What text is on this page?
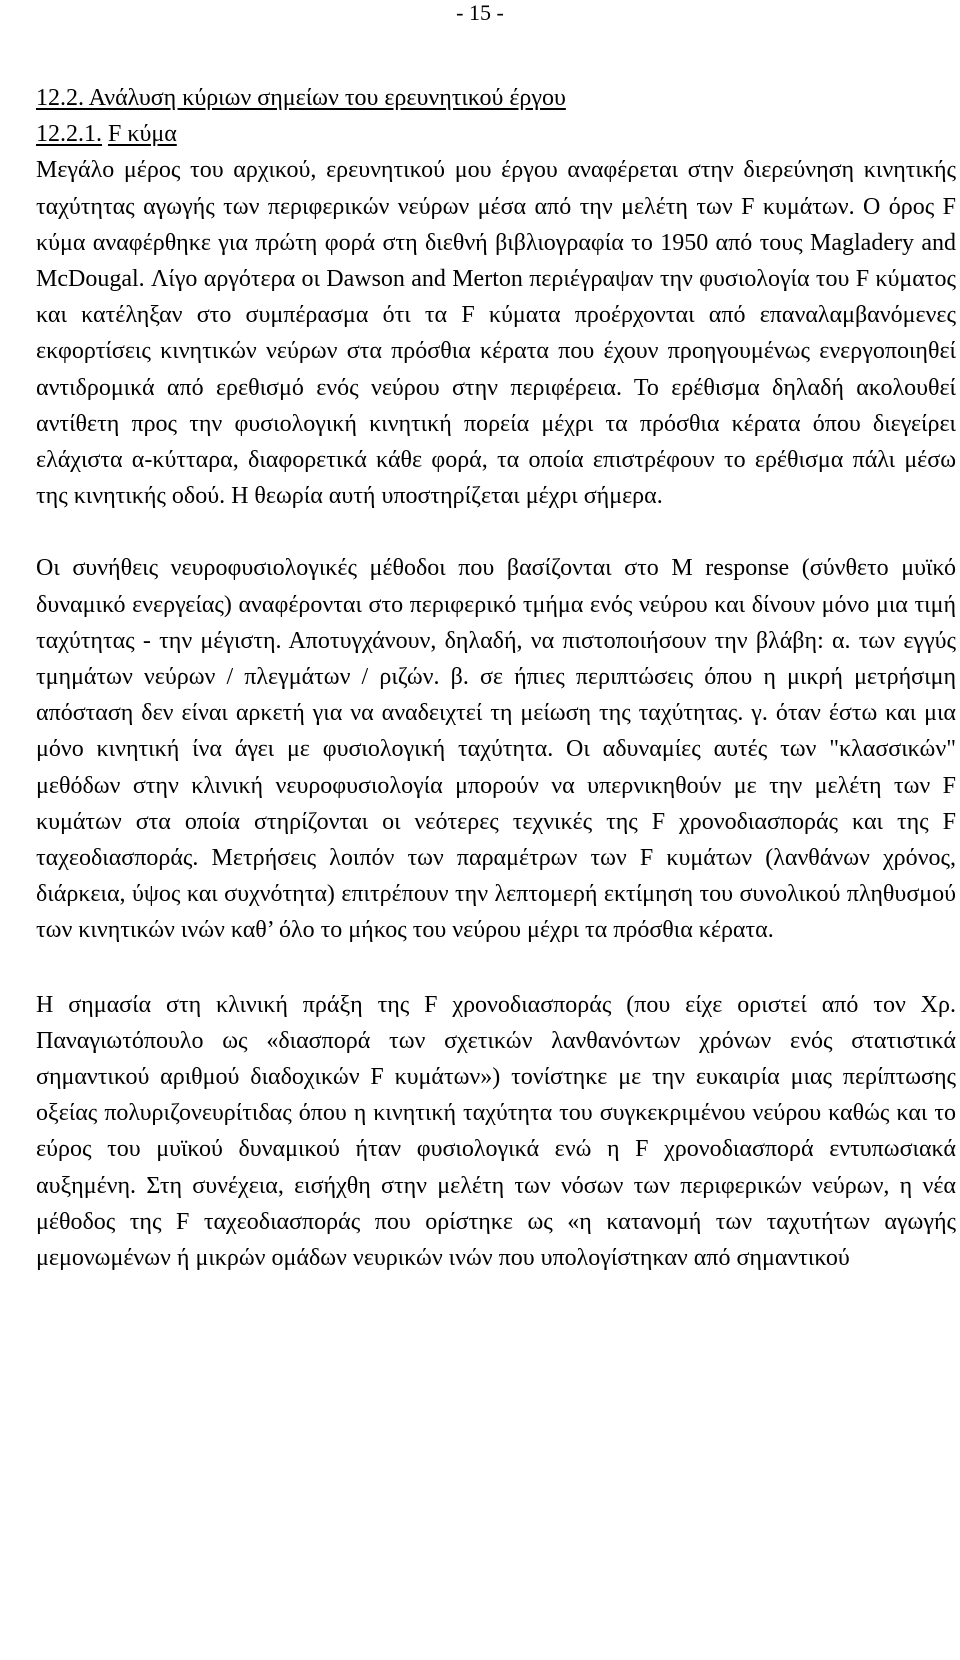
- 15 -

12.2. Ανάλυση κύριων σημείων του ερευνητικού έργου

12.2.1. F κύμα

Μεγάλο μέρος του αρχικού, ερευνητικού μου έργου αναφέρεται στην διερεύνηση κινητικής ταχύτητας αγωγής των περιφερικών νεύρων μέσα από την μελέτη των F κυμάτων. Ο όρος F κύμα αναφέρθηκε για πρώτη φορά στη διεθνή βιβλιογραφία το 1950 από τους Magladery and McDougal. Λίγο αργότερα οι Dawson and Merton περιέγραψαν την φυσιολογία του F κύματος και κατέληξαν στο συμπέρασμα ότι τα F κύματα προέρχονται από επαναλαμβανόμενες εκφορτίσεις κινητικών νεύρων στα πρόσθια κέρατα που έχουν προηγουμένως ενεργοποιηθεί αντιδρομικά από ερεθισμό ενός νεύρου στην περιφέρεια. Το ερέθισμα δηλαδή ακολουθεί αντίθετη προς την φυσιολογική κινητική πορεία μέχρι τα πρόσθια κέρατα όπου διεγείρει ελάχιστα α-κύτταρα, διαφορετικά κάθε φορά, τα οποία επιστρέφουν το ερέθισμα πάλι μέσω της κινητικής οδού. Η θεωρία αυτή υποστηρίζεται μέχρι σήμερα.

Οι συνήθεις νευροφυσιολογικές μέθοδοι που βασίζονται στο M response (σύνθετο μυϊκό δυναμικό ενεργείας) αναφέρονται στο περιφερικό τμήμα ενός νεύρου και δίνουν μόνο μια τιμή ταχύτητας - την μέγιστη. Αποτυγχάνουν, δηλαδή, να πιστοποιήσουν την βλάβη: α. των εγγύς τμημάτων νεύρων / πλεγμάτων / ριζών. β. σε ήπιες περιπτώσεις όπου η μικρή μετρήσιμη απόσταση δεν είναι αρκετή για να αναδειχτεί τη μείωση της ταχύτητας. γ. όταν έστω και μια μόνο κινητική ίνα άγει με φυσιολογική ταχύτητα. Οι αδυναμίες αυτές των "κλασσικών" μεθόδων στην κλινική νευροφυσιολογία μπορούν να υπερνικηθούν με την μελέτη των F κυμάτων στα οποία στηρίζονται οι νεότερες τεχνικές της F χρονοδιασποράς και της F ταχεοδιασποράς. Μετρήσεις λοιπόν των παραμέτρων των F κυμάτων (λανθάνων χρόνος, διάρκεια, ύψος και συχνότητα) επιτρέπουν την λεπτομερή εκτίμηση του συνολικού πληθυσμού των κινητικών ινών καθ’ όλο το μήκος του νεύρου μέχρι τα πρόσθια κέρατα.

Η σημασία στη κλινική πράξη της F χρονοδιασποράς (που είχε οριστεί από τον Χρ. Παναγιωτόπουλο ως «διασπορά των σχετικών λανθανόντων χρόνων ενός στατιστικά σημαντικού αριθμού διαδοχικών F κυμάτων») τονίστηκε με την ευκαιρία μιας περίπτωσης οξείας πολυριζονευρίτιδας όπου η κινητική ταχύτητα του συγκεκριμένου νεύρου καθώς και το εύρος του μυϊκού δυναμικού ήταν φυσιολογικά ενώ η F χρονοδιασπορά εντυπωσιακά αυξημένη. Στη συνέχεια, εισήχθη στην μελέτη των νόσων των περιφερικών νεύρων, η νέα μέθοδος της F ταχεοδιασποράς που ορίστηκε ως «η κατανομή των ταχυτήτων αγωγής μεμονωμένων ή μικρών ομάδων νευρικών ινών που υπολογίστηκαν από σημαντικού
